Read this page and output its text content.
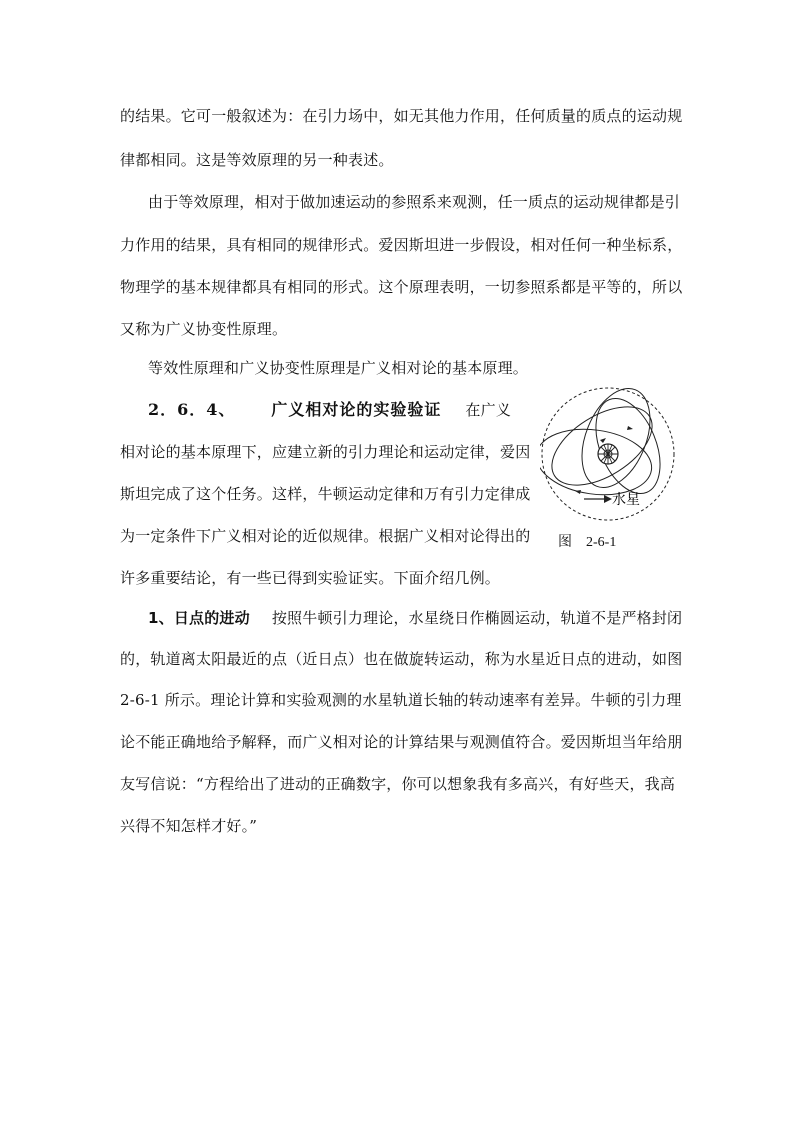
的结果。它可一般叙述为：在引力场中，如无其他力作用，任何质量的质点的运动规
律都相同。这是等效原理的另一种表述。
由于等效原理，相对于做加速运动的参照系来观测，任一质点的运动规律都是引
力作用的结果，具有相同的规律形式。爱因斯坦进一步假设，相对任何一种坐标系，
物理学的基本规律都具有相同的形式。这个原理表明，一切参照系都是平等的，所以
又称为广义协变性原理。
等效性原理和广义协变性原理是广义相对论的基本原理。
2．6．4、 广义相对论的实验验证 在广义
相对论的基本原理下，应建立新的引力理论和运动定律，爱因
斯坦完成了这个任务。这样，牛顿运动定律和万有引力定律成
为一定条件下广义相对论的近似规律。根据广义相对论得出的
许多重要结论，有一些已得到实验证实。下面介绍几例。
水星
图 2-6-1
1、日点的进动 按照牛顿引力理论，水星绕日作椭圆运动，轨道不是严格封闭
的，轨道离太阳最近的点（近日点）也在做旋转运动，称为水星近日点的进动，如图
2-6-1 所示。理论计算和实验观测的水星轨道长轴的转动速率有差异。牛顿的引力理
论不能正确地给予解释，而广义相对论的计算结果与观测值符合。爱因斯坦当年给朋
友写信说：“方程给出了进动的正确数字，你可以想象我有多高兴，有好些天，我高
兴得不知怎样才好。”
